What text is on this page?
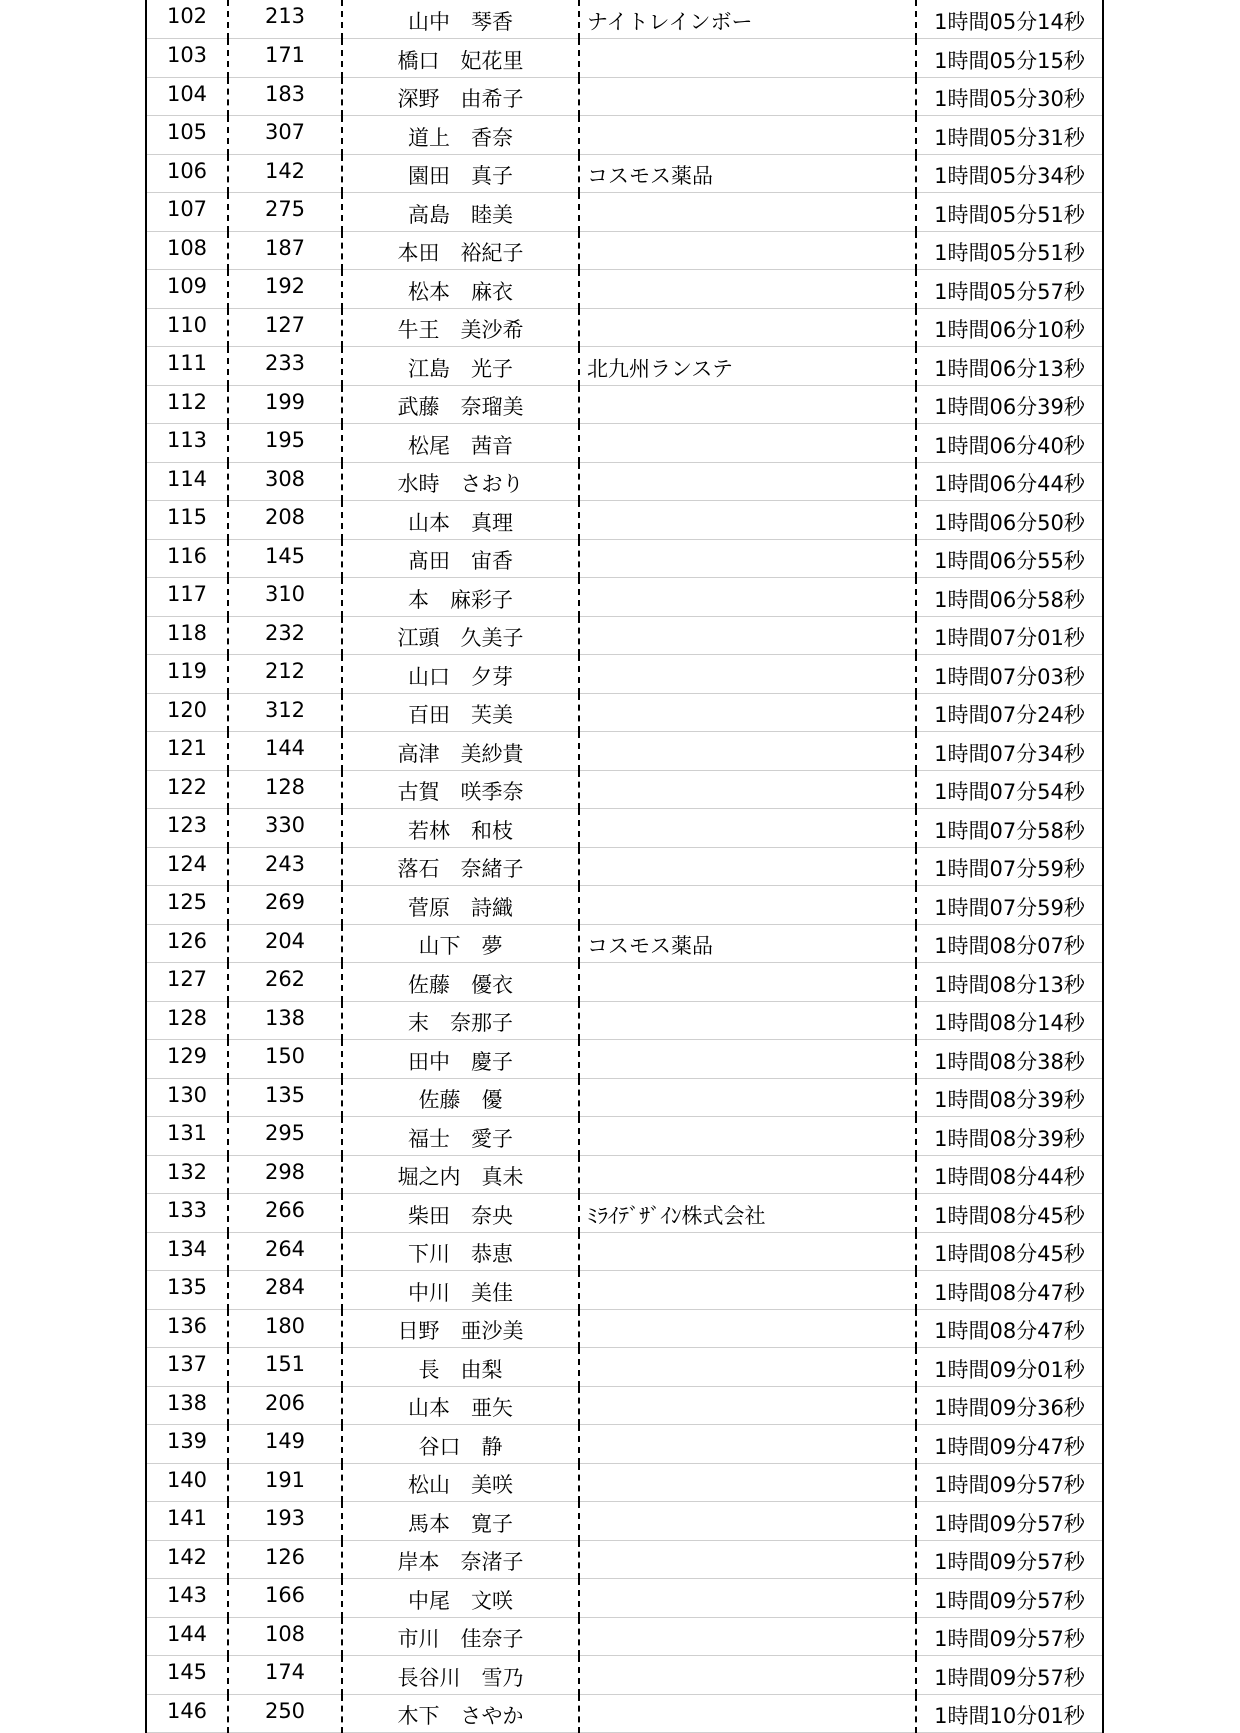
102	213	山中　琴香	ナイトレインボー	1時間05分14秒
103	171	橋口　妃花里		1時間05分15秒
104	183	深野　由希子		1時間05分30秒
105	307	道上　香奈		1時間05分31秒
106	142	園田　真子	コスモス薬品	1時間05分34秒
107	275	高島　睦美		1時間05分51秒
108	187	本田　裕紀子		1時間05分51秒
109	192	松本　麻衣		1時間05分57秒
110	127	牛王　美沙希		1時間06分10秒
111	233	江島　光子	北九州ランステ	1時間06分13秒
112	199	武藤　奈瑠美		1時間06分39秒
113	195	松尾　茜音		1時間06分40秒
114	308	水時　さおり		1時間06分44秒
115	208	山本　真理		1時間06分50秒
116	145	髙田　宙香		1時間06分55秒
117	310	本　麻彩子		1時間06分58秒
118	232	江頭　久美子		1時間07分01秒
119	212	山口　夕芽		1時間07分03秒
120	312	百田　芙美		1時間07分24秒
121	144	高津　美紗貴		1時間07分34秒
122	128	古賀　咲季奈		1時間07分54秒
123	330	若林　和枝		1時間07分58秒
124	243	落石　奈緒子		1時間07分59秒
125	269	菅原　詩織		1時間07分59秒
126	204	山下　夢	コスモス薬品	1時間08分07秒
127	262	佐藤　優衣		1時間08分13秒
128	138	末　奈那子		1時間08分14秒
129	150	田中　慶子		1時間08分38秒
130	135	佐藤　優		1時間08分39秒
131	295	福士　愛子		1時間08分39秒
132	298	堀之内　真未		1時間08分44秒
133	266	柴田　奈央	ﾐﾗｲﾃﾞｻﾞｲﾝ株式会社	1時間08分45秒
134	264	下川　恭恵		1時間08分45秒
135	284	中川　美佳		1時間08分47秒
136	180	日野　亜沙美		1時間08分47秒
137	151	長　由梨		1時間09分01秒
138	206	山本　亜矢		1時間09分36秒
139	149	谷口　静		1時間09分47秒
140	191	松山　美咲		1時間09分57秒
141	193	馬本　寛子		1時間09分57秒
142	126	岸本　奈渚子		1時間09分57秒
143	166	中尾　文咲		1時間09分57秒
144	108	市川　佳奈子		1時間09分57秒
145	174	長谷川　雪乃		1時間09分57秒
146	250	木下　さやか		1時間10分01秒
